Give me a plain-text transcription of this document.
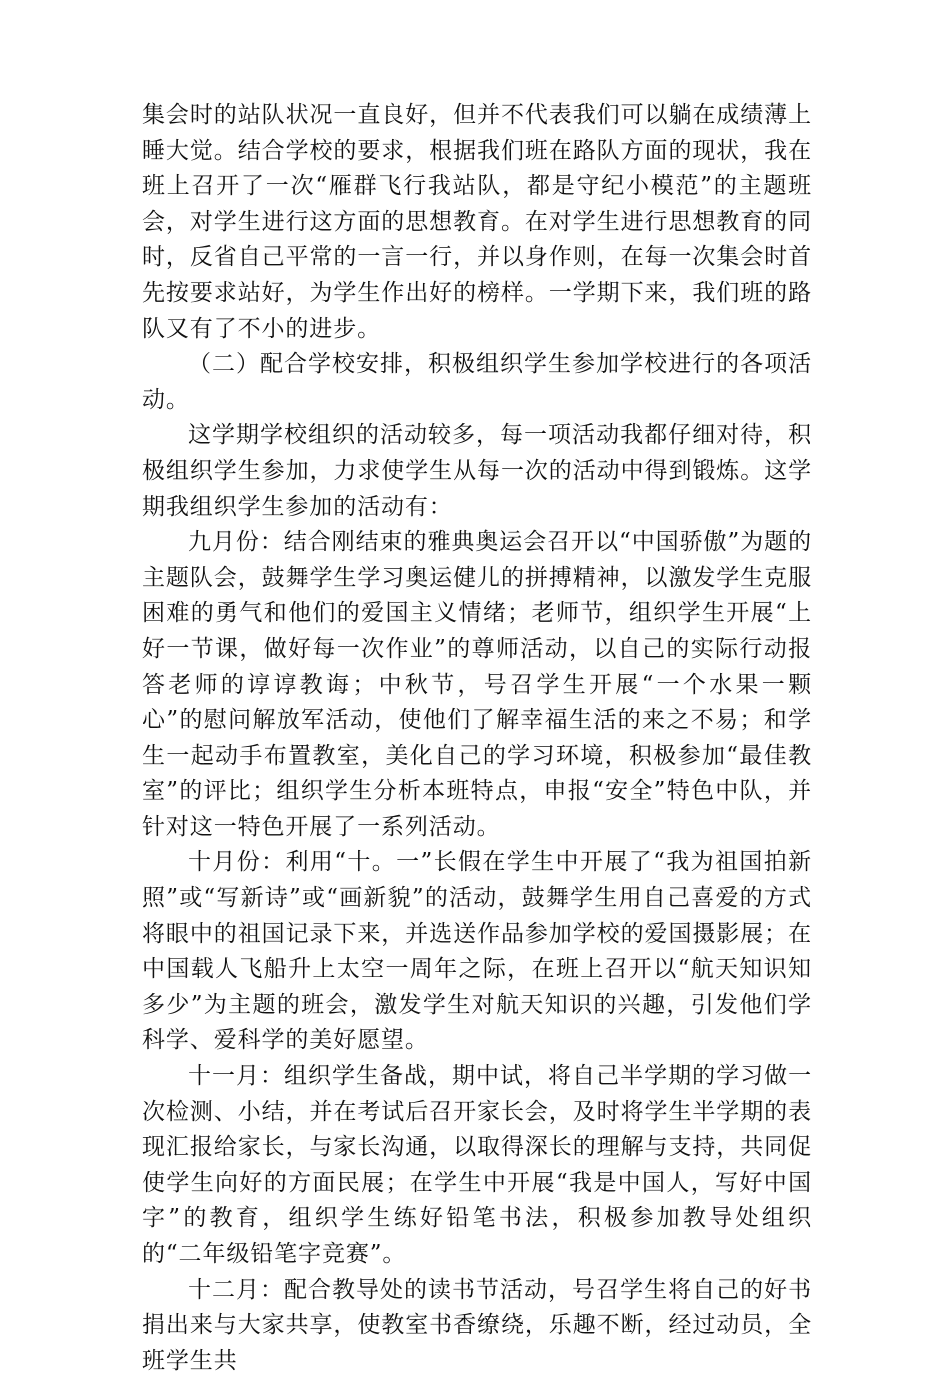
集会时的站队状况一直良好，但并不代表我们可以躺在成绩薄上睡大觉。结合学校的要求，根据我们班在路队方面的现状，我在班上召开了一次“雁群飞行我站队，都是守纪小模范”的主题班会，对学生进行这方面的思想教育。在对学生进行思想教育的同时，反省自己平常的一言一行，并以身作则，在每一次集会时首先按要求站好，为学生作出好的榜样。一学期下来，我们班的路队又有了不小的进步。

（二）配合学校安排，积极组织学生参加学校进行的各项活动。

这学期学校组织的活动较多，每一项活动我都仔细对待，积极组织学生参加，力求使学生从每一次的活动中得到锻炼。这学期我组织学生参加的活动有：

九月份：结合刚结束的雅典奥运会召开以“中国骄傲”为题的主题队会，鼓舞学生学习奥运健儿的拼搏精神，以激发学生克服困难的勇气和他们的爱国主义情绪；老师节，组织学生开展“上好一节课，做好每一次作业”的尊师活动，以自己的实际行动报答老师的谆谆教诲；中秋节，号召学生开展“一个水果一颗心”的慰问解放军活动，使他们了解幸福生活的来之不易；和学生一起动手布置教室，美化自己的学习环境，积极参加“最佳教室”的评比；组织学生分析本班特点，申报“安全”特色中队，并针对这一特色开展了一系列活动。

十月份：利用“十。一”长假在学生中开展了“我为祖国拍新照”或“写新诗”或“画新貌”的活动，鼓舞学生用自己喜爱的方式将眼中的祖国记录下来，并选送作品参加学校的爱国摄影展；在中国载人飞船升上太空一周年之际，在班上召开以“航天知识知多少”为主题的班会，激发学生对航天知识的兴趣，引发他们学科学、爱科学的美好愿望。

十一月：组织学生备战，期中试，将自己半学期的学习做一次检测、小结，并在考试后召开家长会，及时将学生半学期的表现汇报给家长，与家长沟通，以取得深长的理解与支持，共同促使学生向好的方面民展；在学生中开展“我是中国人，写好中国字”的教育，组织学生练好铅笔书法，积极参加教导处组织的“二年级铅笔字竞赛”。

十二月：配合教导处的读书节活动，号召学生将自己的好书捐出来与大家共享，使教室书香缭绕，乐趣不断，经过动员，全班学生共
